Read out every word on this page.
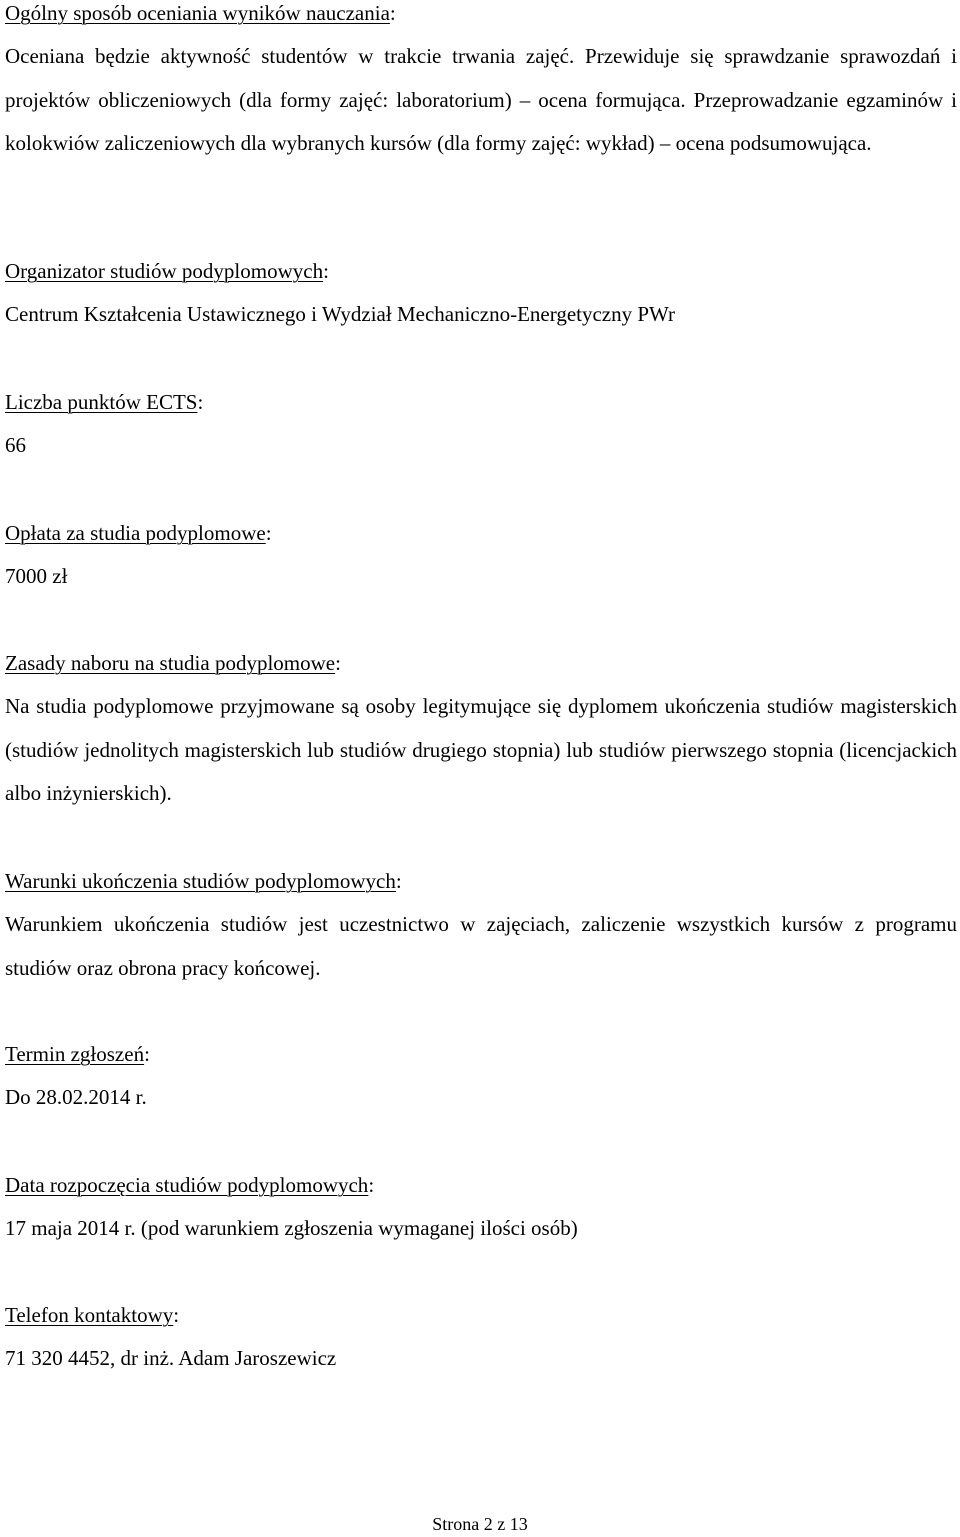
Ogólny sposób oceniania wyników nauczania:
Oceniana będzie aktywność studentów w trakcie trwania zajęć. Przewiduje się sprawdzanie sprawozdań i projektów obliczeniowych (dla formy zajęć: laboratorium) – ocena formująca. Przeprowadzanie egzaminów i kolokwiów zaliczeniowych dla wybranych kursów (dla formy zajęć: wykład) – ocena podsumowująca.
Organizator studiów podyplomowych:
Centrum Kształcenia Ustawicznego i Wydział Mechaniczno-Energetyczny PWr
Liczba punktów ECTS:
66
Opłata za studia podyplomowe:
7000 zł
Zasady naboru na studia podyplomowe:
Na studia podyplomowe przyjmowane są osoby legitymujące się dyplomem ukończenia studiów magisterskich (studiów jednolitych magisterskich lub studiów drugiego stopnia) lub studiów pierwszego stopnia (licencjackich albo inżynierskich).
Warunki ukończenia studiów podyplomowych:
Warunkiem ukończenia studiów jest uczestnictwo w zajęciach, zaliczenie wszystkich kursów z programu studiów oraz obrona pracy końcowej.
Termin zgłoszeń:
Do 28.02.2014 r.
Data rozpoczęcia studiów podyplomowych:
17 maja 2014 r. (pod warunkiem zgłoszenia wymaganej ilości osób)
Telefon kontaktowy:
71 320 4452, dr inż. Adam Jaroszewicz
Strona 2 z 13
